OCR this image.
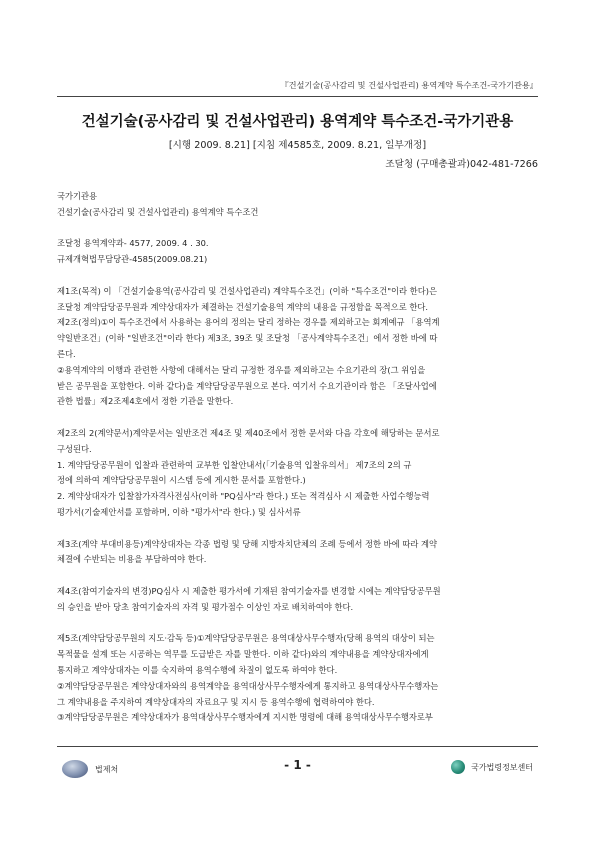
『건설기술(공사감리 및 건설사업관리) 용역계약 특수조건-국가기관용』
건설기술(공사감리 및 건설사업관리) 용역계약 특수조건-국가기관용
[시행 2009. 8.21] [지침 제4585호, 2009. 8.21, 일부개정]
조달청 (구매총괄과)042-481-7266
국가기관용
건설기술(공사감리 및 건설사업관리) 용역계약 특수조건
조달청 용역계약과- 4577, 2009. 4 . 30.
규제개혁법무담당관-4585(2009.08.21)
제1조(목적) 이 「건설기술용역(공사감리 및 건설사업관리) 계약특수조건」(이하 "특수조건"이라 한다)은
조달청 계약담당공무원과 계약상대자가 체결하는 건설기술용역 계약의 내용을 규정함을 목적으로 한다.
제2조(정의)①이 특수조건에서 사용하는 용어의 정의는 달리 정하는 경우를 제외하고는 회계예규 「용역계
약일반조건」(이하 "일반조건"이라 한다) 제3조, 39조 및 조달청 「공사계약특수조건」에서 정한 바에 따
른다.
②용역계약의 이행과 관련한 사항에 대해서는 달리 규정한 경우를 제외하고는 수요기관의 장(그 위임을
받은 공무원을 포함한다. 이하 같다)을 계약담당공무원으로 본다. 여기서 수요기관이라 함은 「조달사업에
관한 법률」제2조제4호에서 정한 기관을 말한다.
제2조의 2(계약문서)계약문서는 일반조건 제4조 및 제40조에서 정한 문서와 다음 각호에 해당하는 문서로
구성된다.
1. 계약담당공무원이 입찰과 관련하여 교부한 입찰안내서(「기술용역 입찰유의서」 제7조의 2의 규
정에 의하여 계약담당공무원이 시스템 등에 게시한 문서를 포함한다.)
2. 계약상대자가 입찰참가자격사전심사(이하 "PQ심사"라 한다.) 또는 적격심사 시 제출한 사업수행능력
평가서(기술제안서를 포함하며, 이하 "평가서"라 한다.) 및 심사서류
제3조(계약 부대비용등)계약상대자는 각종 법령 및 당해 지방자치단체의 조례 등에서 정한 바에 따라 계약
체결에 수반되는 비용을 부담하여야 한다.
제4조(참여기술자의 변경)PQ심사 시 제출한 평가서에 기재된 참여기술자를 변경할 시에는 계약담당공무원
의 승인을 받아 당초 참여기술자의 자격 및 평가점수 이상인 자로 배치하여야 한다.
제5조(계약담당공무원의 지도·감독 등)①계약담당공무원은 용역대상사무수행자(당해 용역의 대상이 되는
목적물을 설계 또는 시공하는 역무를 도급받은 자를 말한다. 이하 같다)와의 계약내용을 계약상대자에게
통지하고 계약상대자는 이를 숙지하여 용역수행에 차질이 없도록 하여야 한다.
②계약담당공무원은 계약상대자와의 용역계약을 용역대상사무수행자에게 통지하고 용역대상사무수행자는
그 계약내용을 주지하여 계약상대자의 자료요구 및 지시 등 용역수행에 협력하여야 한다.
③계약담당공무원은 계약상대자가 용역대상사무수행자에게 지시한 명령에 대해 용역대상사무수행자로부
법제처	- 1 -	국가법령정보센터
